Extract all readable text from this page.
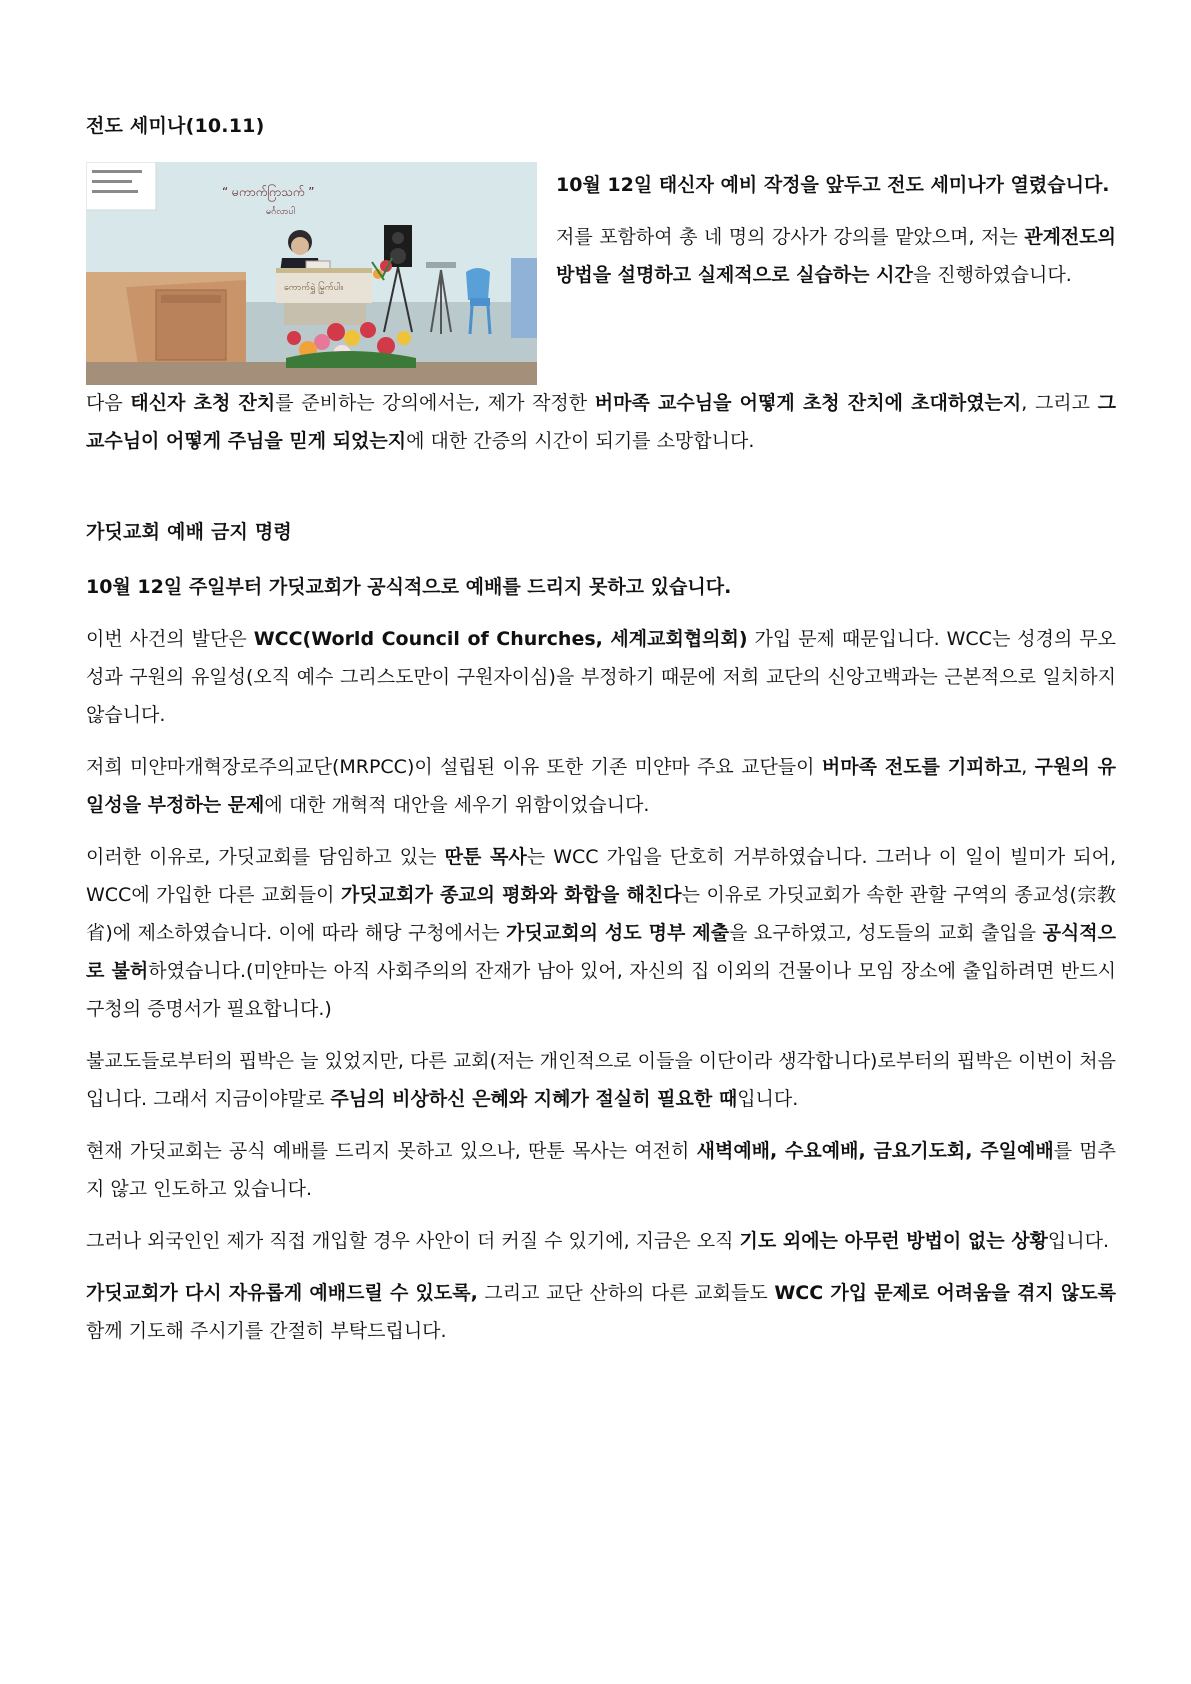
전도 세미나(10.11)
“ မကာက်ဂြာသက် ”
မင်္ဂလာပါ
ကောက်ရွှဲ မြွက်ပါ။

10월 12일 태신자 예비 작정을 앞두고 전도 세미나가 열렸습니다.

저를 포함하여 총 네 명의 강사가 강의를 맡았으며, 저는 관계전도의 방법을 설명하고 실제적으로 실습하는 시간을 진행하였습니다.

다음 태신자 초청 잔치를 준비하는 강의에서는, 제가 작정한 버마족 교수님을 어떻게 초청 잔치에 초대하였는지, 그리고 그 교수님이 어떻게 주님을 믿게 되었는지에 대한 간증의 시간이 되기를 소망합니다.

가딧교회 예배 금지 명령

10월 12일 주일부터 가딧교회가 공식적으로 예배를 드리지 못하고 있습니다.

이번 사건의 발단은 WCC(World Council of Churches, 세계교회협의회) 가입 문제 때문입니다. WCC는 성경의 무오성과 구원의 유일성(오직 예수 그리스도만이 구원자이심)을 부정하기 때문에 저희 교단의 신앙고백과는 근본적으로 일치하지 않습니다.

저희 미얀마개혁장로주의교단(MRPCC)이 설립된 이유 또한 기존 미얀마 주요 교단들이 버마족 전도를 기피하고, 구원의 유일성을 부정하는 문제에 대한 개혁적 대안을 세우기 위함이었습니다.

이러한 이유로, 가딧교회를 담임하고 있는 딴툰 목사는 WCC 가입을 단호히 거부하였습니다. 그러나 이 일이 빌미가 되어, WCC에 가입한 다른 교회들이 가딧교회가 종교의 평화와 화합을 해친다는 이유로 가딧교회가 속한 관할 구역의 종교성(宗教省)에 제소하였습니다. 이에 따라 해당 구청에서는 가딧교회의 성도 명부 제출을 요구하였고, 성도들의 교회 출입을 공식적으로 불허하였습니다.(미얀마는 아직 사회주의의 잔재가 남아 있어, 자신의 집 이외의 건물이나 모임 장소에 출입하려면 반드시 구청의 증명서가 필요합니다.)

불교도들로부터의 핍박은 늘 있었지만, 다른 교회(저는 개인적으로 이들을 이단이라 생각합니다)로부터의 핍박은 이번이 처음입니다. 그래서 지금이야말로 주님의 비상하신 은혜와 지혜가 절실히 필요한 때입니다.

현재 가딧교회는 공식 예배를 드리지 못하고 있으나, 딴툰 목사는 여전히 새벽예배, 수요예배, 금요기도회, 주일예배를 멈추지 않고 인도하고 있습니다.

그러나 외국인인 제가 직접 개입할 경우 사안이 더 커질 수 있기에, 지금은 오직 기도 외에는 아무런 방법이 없는 상황입니다.

가딧교회가 다시 자유롭게 예배드릴 수 있도록, 그리고 교단 산하의 다른 교회들도 WCC 가입 문제로 어려움을 겪지 않도록 함께 기도해 주시기를 간절히 부탁드립니다.
